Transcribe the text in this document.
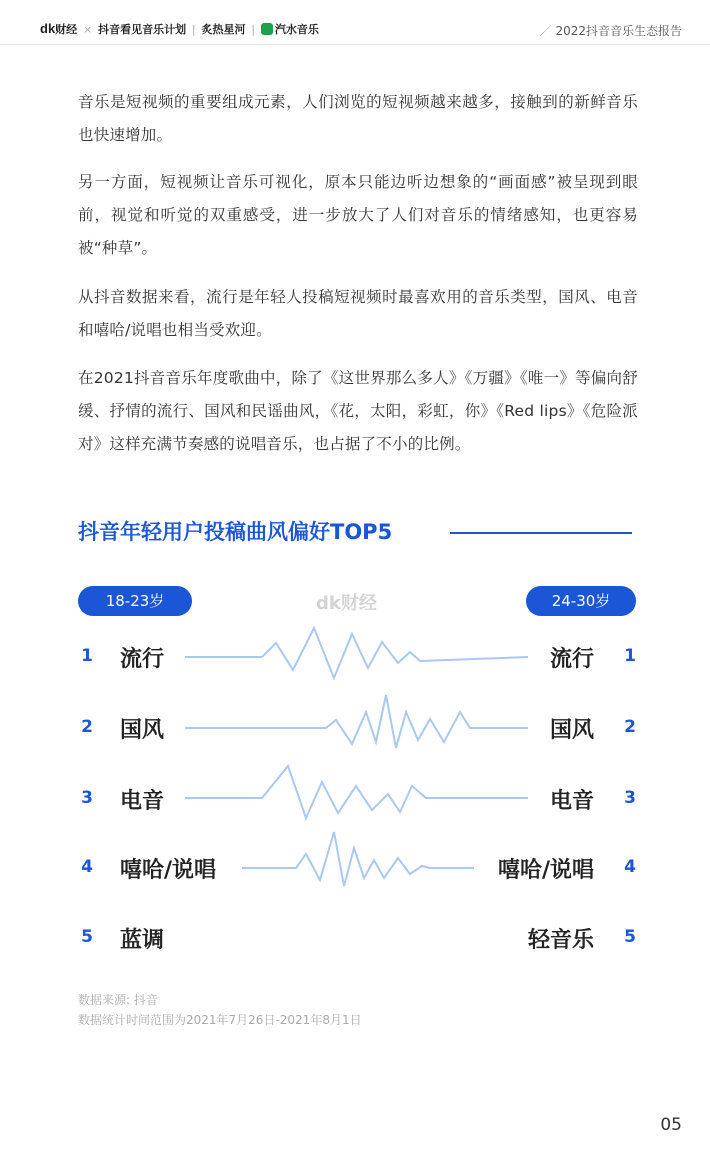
dk财经 × 抖音看见音乐计划 | 炙热星河 | 汽水音乐	／ 2022抖音音乐生态报告
音乐是短视频的重要组成元素，人们浏览的短视频越来越多，接触到的新鲜音乐也快速增加。
另一方面，短视频让音乐可视化，原本只能边听边想象的“画面感”被呈现到眼前，视觉和听觉的双重感受，进一步放大了人们对音乐的情绪感知，也更容易被“种草”。
从抖音数据来看，流行是年轻人投稿短视频时最喜欢用的音乐类型，国风、电音和嘻哈/说唱也相当受欢迎。
在2021抖音音乐年度歌曲中，除了《这世界那么多人》《万疆》《唯一》等偏向舒缓、抒情的流行、国风和民谣曲风，《花，太阳，彩虹，你》《Red lips》《危险派对》这样充满节奏感的说唱音乐，也占据了不小的比例。
抖音年轻用户投稿曲风偏好TOP5
18-23岁	dk财经	24-30岁
1 流行	流行 1
2 国风	国风 2
3 电音	电音 3
4 嘻哈/说唱	嘻哈/说唱 4
5 蓝调	轻音乐 5
数据来源: 抖音
数据统计时间范围为2021年7月26日-2021年8月1日
05
